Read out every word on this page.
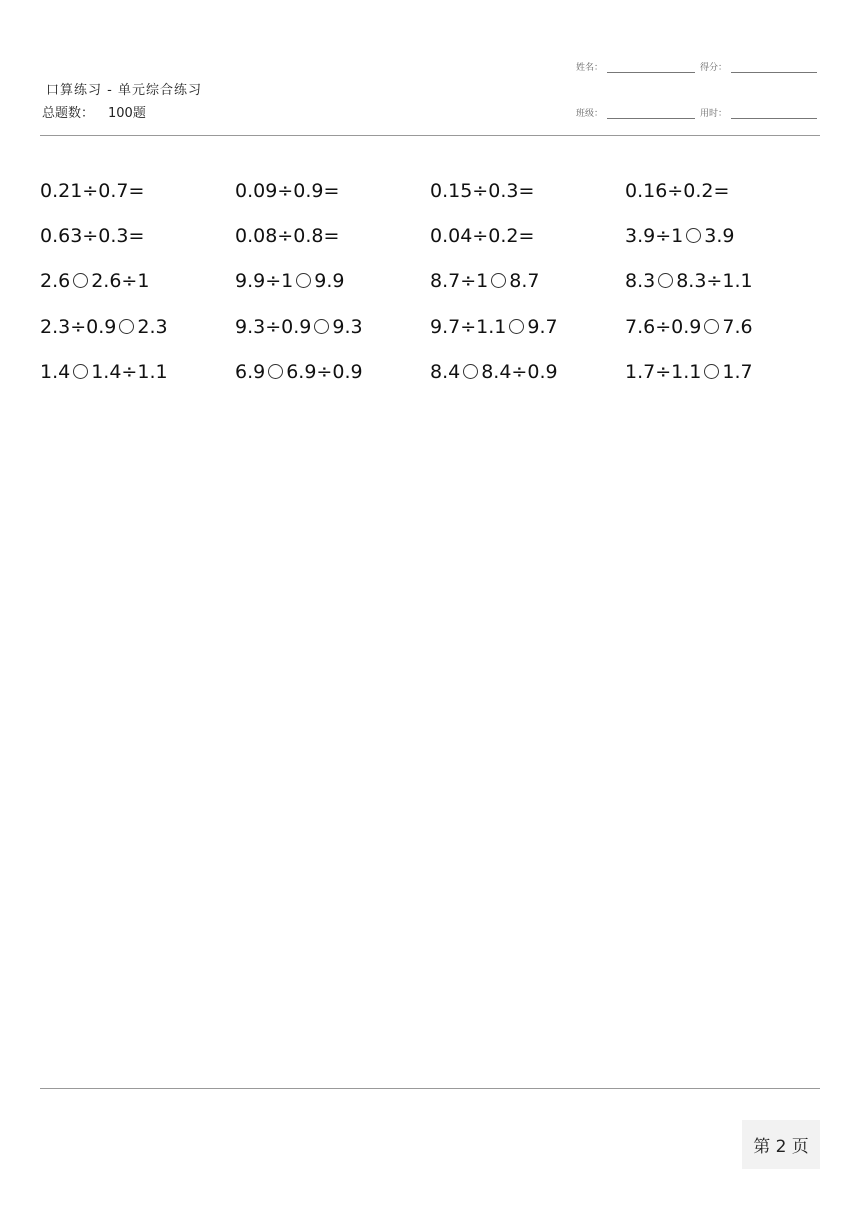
口算练习 - 单元综合练习
总题数： 100题
姓名：	得分：
班级：	用时：
0.21÷0.7=	0.09÷0.9=	0.15÷0.3=	0.16÷0.2=
0.63÷0.3=	0.08÷0.8=	0.04÷0.2=	3.9÷1 3.9
2.6 2.6÷1	9.9÷1 9.9	8.7÷1 8.7	8.3 8.3÷1.1
2.3÷0.9 2.3	9.3÷0.9 9.3	9.7÷1.1 9.7	7.6÷0.9 7.6
1.4 1.4÷1.1	6.9 6.9÷0.9	8.4 8.4÷0.9	1.7÷1.1 1.7
第 2 页
